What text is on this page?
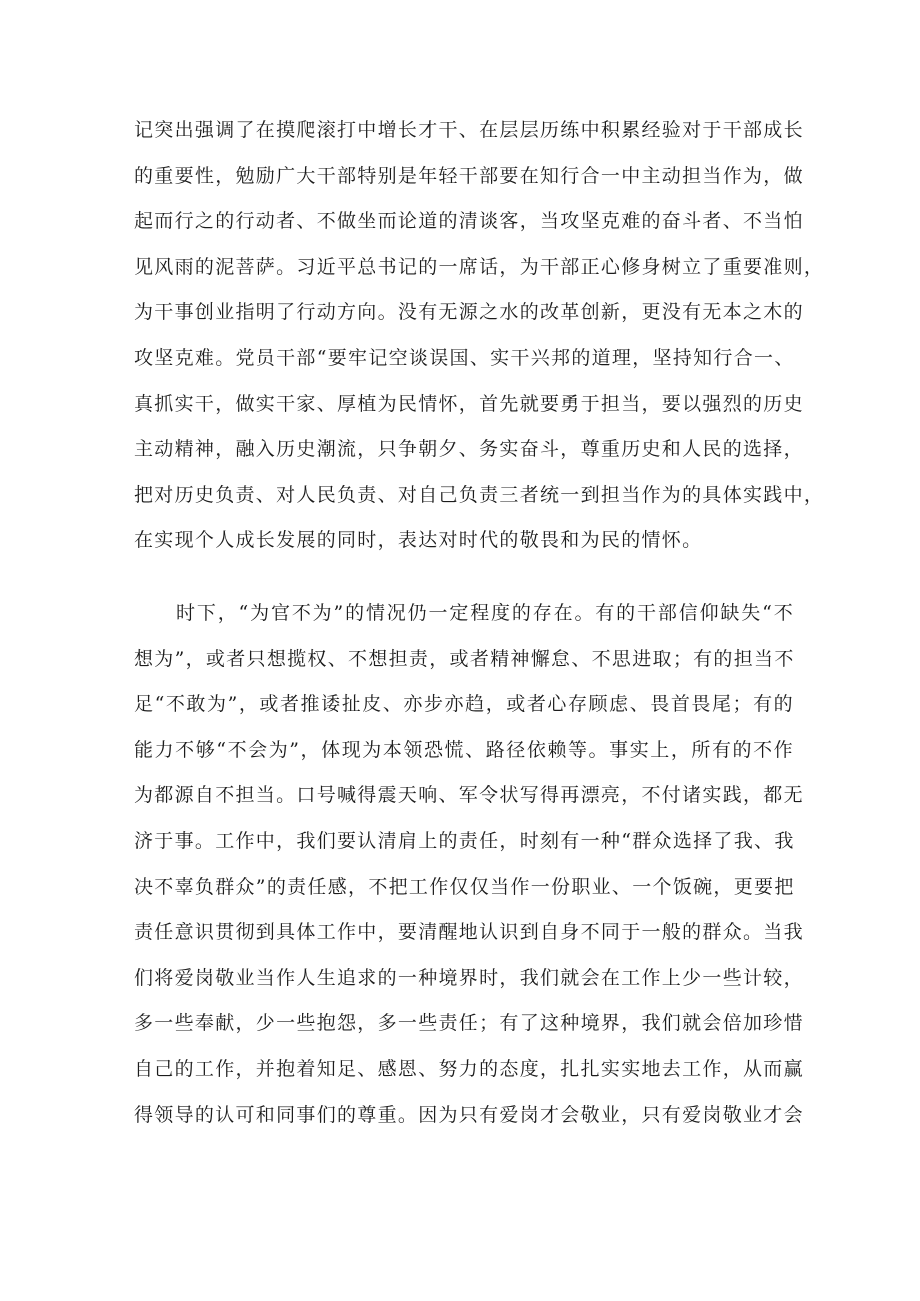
记突出强调了在摸爬滚打中增长才干、在层层历练中积累经验对于干部成长
的重要性，勉励广大干部特别是年轻干部要在知行合一中主动担当作为，做
起而行之的行动者、不做坐而论道的清谈客，当攻坚克难的奋斗者、不当怕
见风雨的泥菩萨。习近平总书记的一席话，为干部正心修身树立了重要准则，
为干事创业指明了行动方向。没有无源之水的改革创新，更没有无本之木的
攻坚克难。党员干部“要牢记空谈误国、实干兴邦的道理，坚持知行合一、
真抓实干，做实干家、厚植为民情怀，首先就要勇于担当，要以强烈的历史
主动精神，融入历史潮流，只争朝夕、务实奋斗，尊重历史和人民的选择，
把对历史负责、对人民负责、对自己负责三者统一到担当作为的具体实践中，
在实现个人成长发展的同时，表达对时代的敬畏和为民的情怀。
时下，“为官不为”的情况仍一定程度的存在。有的干部信仰缺失“不
想为”，或者只想揽权、不想担责，或者精神懈怠、不思进取；有的担当不
足“不敢为”，或者推诿扯皮、亦步亦趋，或者心存顾虑、畏首畏尾；有的
能力不够“不会为”，体现为本领恐慌、路径依赖等。事实上，所有的不作
为都源自不担当。口号喊得震天响、军令状写得再漂亮，不付诸实践，都无
济于事。工作中，我们要认清肩上的责任，时刻有一种“群众选择了我、我
决不辜负群众”的责任感，不把工作仅仅当作一份职业、一个饭碗，更要把
责任意识贯彻到具体工作中，要清醒地认识到自身不同于一般的群众。当我
们将爱岗敬业当作人生追求的一种境界时，我们就会在工作上少一些计较，
多一些奉献，少一些抱怨，多一些责任；有了这种境界，我们就会倍加珍惜
自己的工作，并抱着知足、感恩、努力的态度，扎扎实实地去工作，从而赢
得领导的认可和同事们的尊重。因为只有爱岗才会敬业，只有爱岗敬业才会
